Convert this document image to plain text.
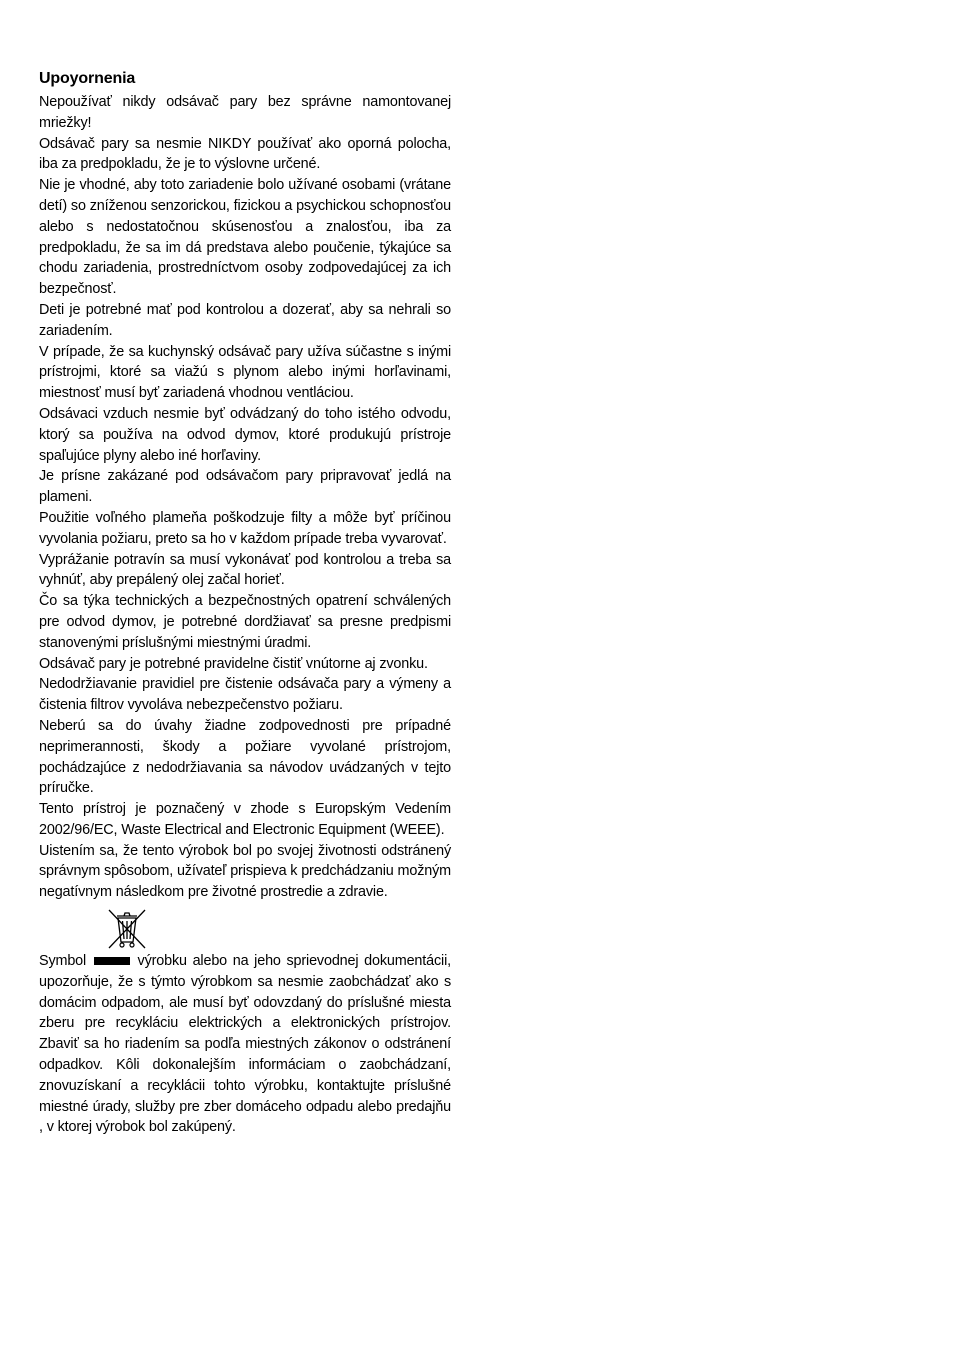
Upoyornenia

Nepoužívať nikdy odsávač pary bez správne namontovanej mriežky!

Odsávač pary sa nesmie NIKDY používať ako oporná polocha, iba za predpokladu, že je to výslovne určené.

Nie je vhodné, aby toto zariadenie bolo užívané osobami (vrátane detí) so zníženou senzorickou, fizickou a psychickou schopnosťou alebo s nedostatočnou skúsenosťou a znalosťou, iba za predpokladu, že sa im dá predstava alebo poučenie, týkajúce sa chodu zariadenia, prostredníctvom osoby zodpovedajúcej za ich bezpečnosť.

Deti je potrebné mať pod kontrolou a dozerať, aby sa nehrali so zariadením.

V prípade, že sa kuchynský odsávač pary užíva súčastne s inými prístrojmi, ktoré sa viažú s plynom alebo inými horľavinami, miestnosť musí byť zariadená vhodnou ventláciou.

Odsávaci vzduch nesmie byť odvádzaný do toho istého odvodu, ktorý sa používa na odvod dymov, ktoré produkujú prístroje spaľujúce plyny alebo iné horľaviny.

Je prísne zakázané pod odsávačom pary pripravovať jedlá na plameni.

Použitie voľného plameňa poškodzuje filty a môže byť príčinou vyvolania požiaru, preto sa ho v každom prípade treba vyvarovať.

Vyprážanie potravín sa musí vykonávať pod kontrolou a treba sa vyhnúť, aby prepálený olej začal horieť.

Čo sa týka technických a bezpečnostných opatrení schválených pre odvod dymov, je potrebné dordžiavať sa presne predpismi stanovenými príslušnými miestnými úradmi.

Odsávač pary je potrebné pravidelne čistiť vnútorne aj zvonku.

Nedodržiavanie pravidiel pre čistenie odsávača pary a výmeny a čistenia filtrov vyvoláva nebezpečenstvo požiaru.

Neberú sa do úvahy žiadne zodpovednosti pre prípadné neprimerannosti, škody a požiare vyvolané prístrojom, pochádzajúce z nedodržiavania sa návodov uvádzaných v tejto príručke.

Tento prístroj je poznačený v zhode s Europským Vedením 2002/96/EC, Waste Electrical and Electronic Equipment (WEEE).

Uistením sa, že tento výrobok bol po svojej životnosti odstránený správnym spôsobom, užívateľ prispieva k predchádzaniu možným negatívnym následkom pre životné prostredie a zdravie.

Symbol	výrobku alebo na jeho sprievodnej dokumentácii, upozorňuje, že s týmto výrobkom sa nesmie zaobchádzať ako s domácim odpadom, ale musí byť odovzdaný do príslušné miesta zberu pre recykláciu elektrických a elektronických prístrojov. Zbaviť sa ho riadením sa podľa miestných zákonov o odstránení odpadkov. Kôli dokonalejším informáciam o zaobchádzaní, znovuzískaní a recyklácii tohto výrobku, kontaktujte príslušné miestné úrady, služby pre zber domáceho odpadu alebo predajňu , v ktorej výrobok bol zakúpený.
